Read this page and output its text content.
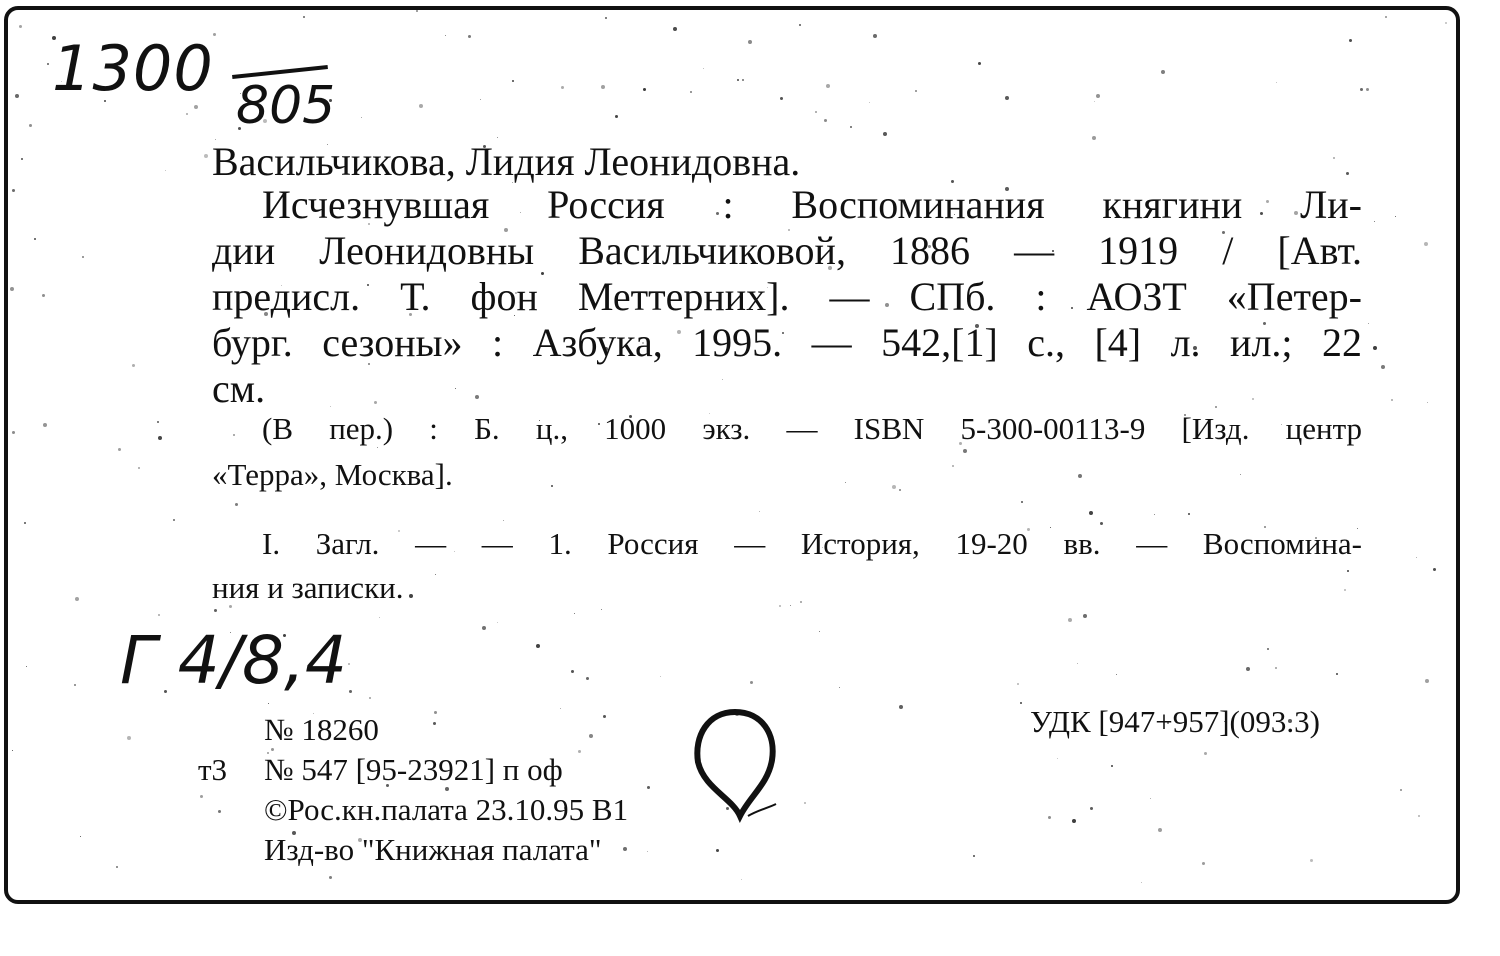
1300
805
Васильчикова, Лидия Леонидовна.
Исчезнувшая Россия : Воспоминания княгини Ли-
дии Леонидовны Васильчиковой, 1886 — 1919 / [Авт.
предисл. Т. фон Меттерних]. — СПб. : АОЗТ «Петер-
бург. сезоны» : Азбука, 1995. — 542,[1] с., [4] л. ил.; 22
см.
(В пер.) : Б. ц., 1000 экз. — ISBN 5-300-00113-9 [Изд. центр
«Терра», Москва].
I. Загл. — — 1. Россия — История, 19-20 вв. — Воспомина-
ния и записки.
Г 4/8,4
№ 18260
т3 № 547 [95-23921] п оф
©Рос.кн.палата 23.10.95 В1
Изд-во "Книжная палата"
УДК [947+957](093.3)
